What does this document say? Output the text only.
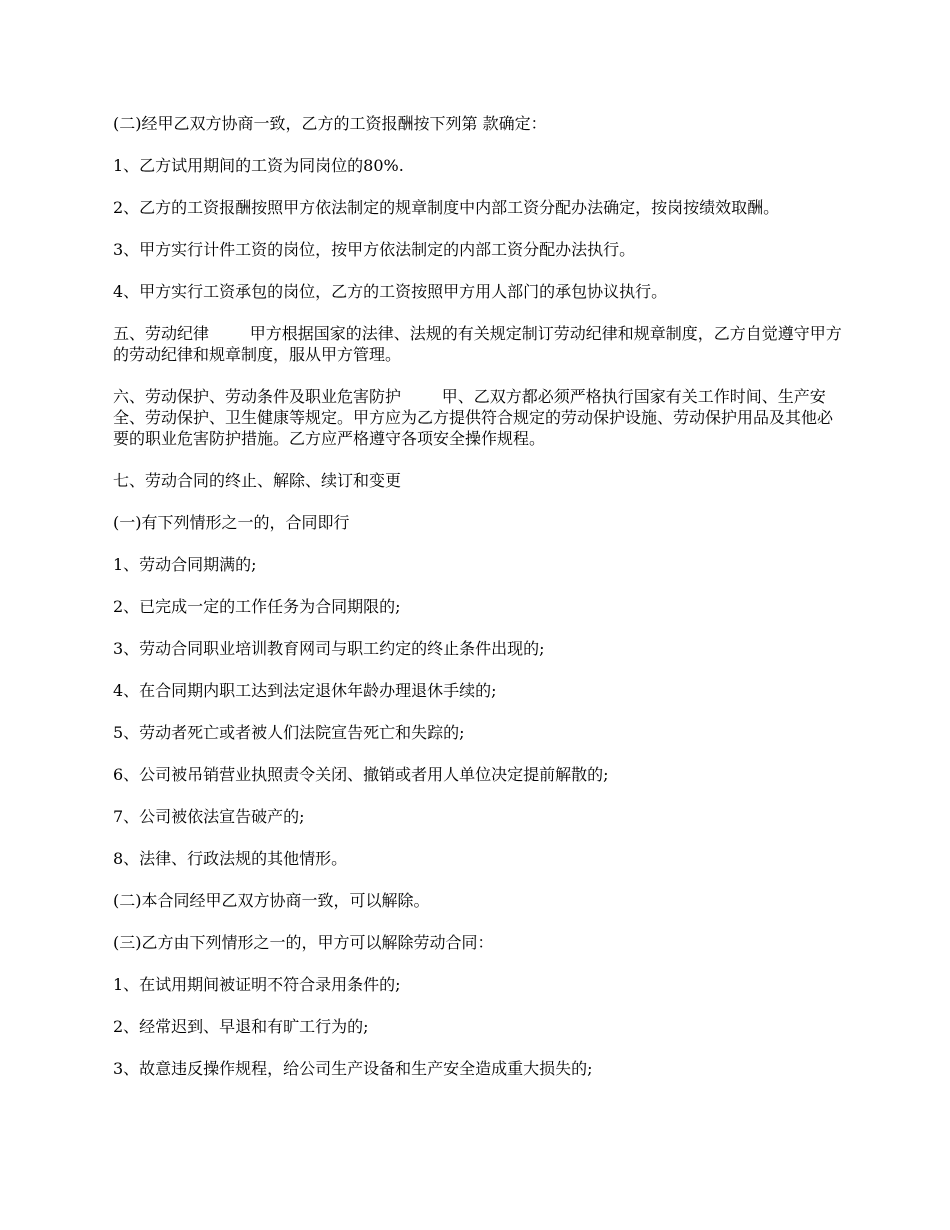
(二)经甲乙双方协商一致，乙方的工资报酬按下列第 款确定：

1、乙方试用期间的工资为同岗位的80%.

2、乙方的工资报酬按照甲方依法制定的规章制度中内部工资分配办法确定，按岗按绩效取酬。

3、甲方实行计件工资的岗位，按甲方依法制定的内部工资分配办法执行。

4、甲方实行工资承包的岗位，乙方的工资按照甲方用人部门的承包协议执行。

五、劳动纪律        甲方根据国家的法律、法规的有关规定制订劳动纪律和规章制度，乙方自觉遵守甲方的劳动纪律和规章制度，服从甲方管理。

六、劳动保护、劳动条件及职业危害防护        甲、乙双方都必须严格执行国家有关工作时间、生产安全、劳动保护、卫生健康等规定。甲方应为乙方提供符合规定的劳动保护设施、劳动保护用品及其他必要的职业危害防护措施。乙方应严格遵守各项安全操作规程。

七、劳动合同的终止、解除、续订和变更

(一)有下列情形之一的，合同即行

1、劳动合同期满的;

2、已完成一定的工作任务为合同期限的;

3、劳动合同职业培训教育网司与职工约定的终止条件出现的;

4、在合同期内职工达到法定退休年龄办理退休手续的;

5、劳动者死亡或者被人们法院宣告死亡和失踪的;

6、公司被吊销营业执照责令关闭、撤销或者用人单位决定提前解散的;

7、公司被依法宣告破产的;

8、法律、行政法规的其他情形。

(二)本合同经甲乙双方协商一致，可以解除。

(三)乙方由下列情形之一的，甲方可以解除劳动合同：

1、在试用期间被证明不符合录用条件的;

2、经常迟到、早退和有旷工行为的;

3、故意违反操作规程，给公司生产设备和生产安全造成重大损失的;
